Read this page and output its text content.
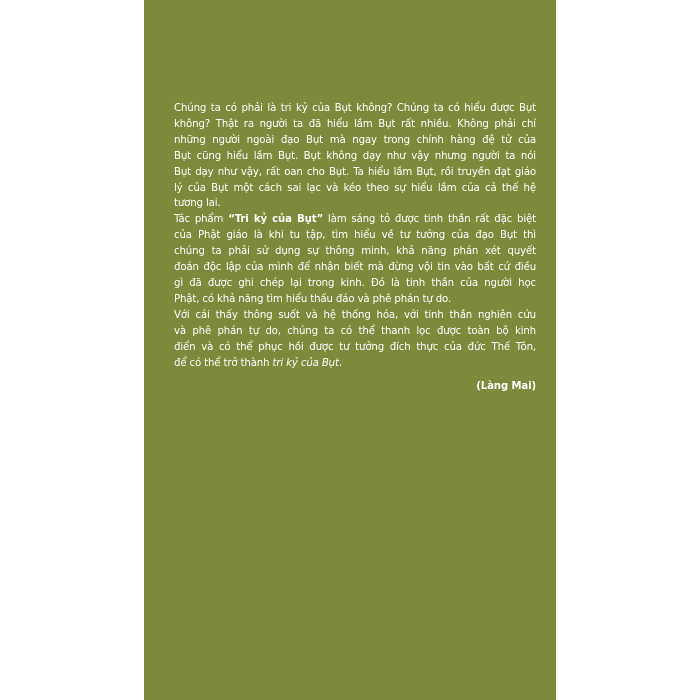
Chúng ta có phải là tri kỷ của Bụt không? Chúng ta có hiểu được Bụt
không? Thật ra người ta đã hiểu lầm Bụt rất nhiều. Không phải chỉ
những người ngoài đạo Bụt mà ngay trong chính hàng đệ tử của
Bụt cũng hiểu lầm Bụt. Bụt không dạy như vậy nhưng người ta nói
Bụt dạy như vậy, rất oan cho Bụt. Ta hiểu lầm Bụt, rồi truyền đạt giáo
lý của Bụt một cách sai lạc và kéo theo sự hiểu lầm của cả thế hệ
tương lai.

Tác phẩm “Tri kỷ của Bụt” làm sáng tỏ được tinh thần rất đặc biệt
của Phật giáo là khi tu tập, tìm hiểu về tư tưởng của đạo Bụt thì
chúng ta phải sử dụng sự thông minh, khả năng phán xét quyết
đoán độc lập của mình để nhận biết mà đừng vội tin vào bất cứ điều
gì đã được ghi chép lại trong kinh. Đó là tinh thần của người học
Phật, có khả năng tìm hiểu thấu đáo và phê phán tự do.

Với cái thấy thông suốt và hệ thống hóa, với tinh thần nghiên cứu
và phê phán tự do, chúng ta có thể thanh lọc được toàn bộ kinh
điển và có thể phục hồi được tư tưởng đích thực của đức Thế Tôn,
để có thể trở thành tri kỷ của Bụt.

(Làng Mai)
